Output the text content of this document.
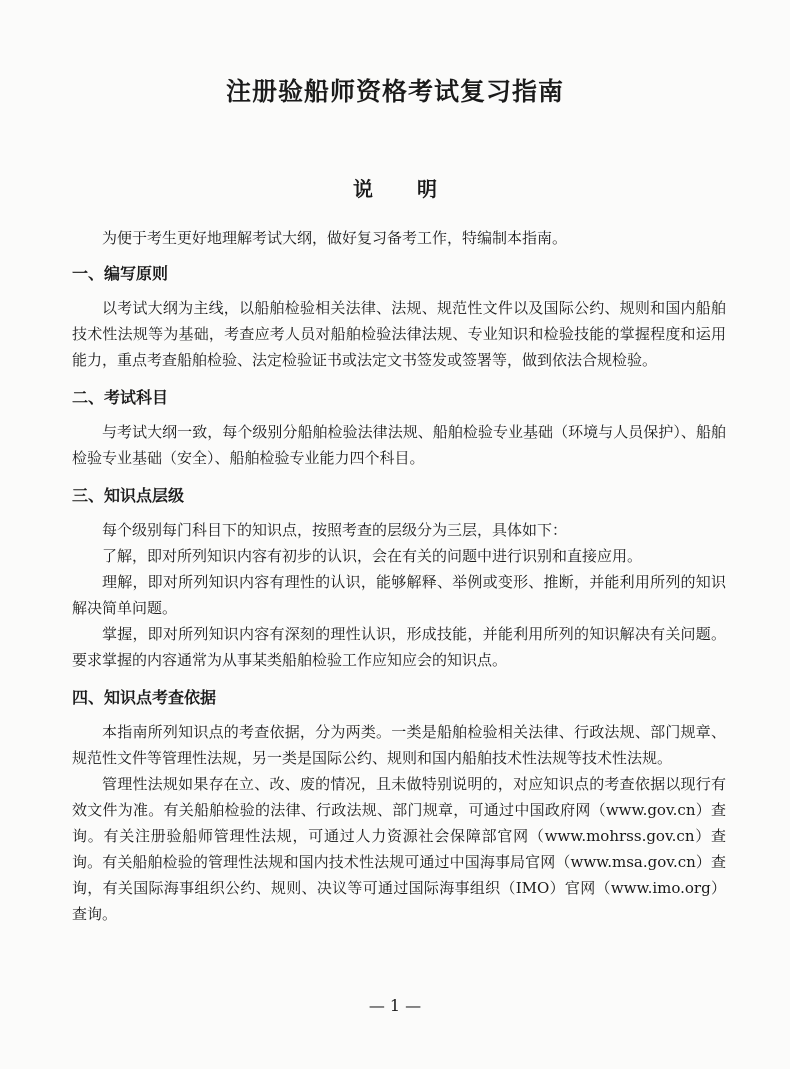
注册验船师资格考试复习指南
说 明

为便于考生更好地理解考试大纲，做好复习备考工作，特编制本指南。

一、编写原则

以考试大纲为主线，以船舶检验相关法律、法规、规范性文件以及国际公约、规则和国内船舶技术性法规等为基础，考查应考人员对船舶检验法律法规、专业知识和检验技能的掌握程度和运用能力，重点考查船舶检验、法定检验证书或法定文书签发或签署等，做到依法合规检验。

二、考试科目

与考试大纲一致，每个级别分船舶检验法律法规、船舶检验专业基础（环境与人员保护）、船舶检验专业基础（安全）、船舶检验专业能力四个科目。

三、知识点层级

每个级别每门科目下的知识点，按照考查的层级分为三层，具体如下：

了解，即对所列知识内容有初步的认识，会在有关的问题中进行识别和直接应用。

理解，即对所列知识内容有理性的认识，能够解释、举例或变形、推断，并能利用所列的知识解决简单问题。

掌握，即对所列知识内容有深刻的理性认识，形成技能，并能利用所列的知识解决有关问题。要求掌握的内容通常为从事某类船舶检验工作应知应会的知识点。

四、知识点考查依据

本指南所列知识点的考查依据，分为两类。一类是船舶检验相关法律、行政法规、部门规章、规范性文件等管理性法规，另一类是国际公约、规则和国内船舶技术性法规等技术性法规。

管理性法规如果存在立、改、废的情况，且未做特别说明的，对应知识点的考查依据以现行有效文件为准。有关船舶检验的法律、行政法规、部门规章，可通过中国政府网（www.gov.cn）查询。有关注册验船师管理性法规，可通过人力资源社会保障部官网（www.mohrss.gov.cn）查询。有关船舶检验的管理性法规和国内技术性法规可通过中国海事局官网（www.msa.gov.cn）查询，有关国际海事组织公约、规则、决议等可通过国际海事组织（IMO）官网（www.imo.org）查询。

— 1 —
